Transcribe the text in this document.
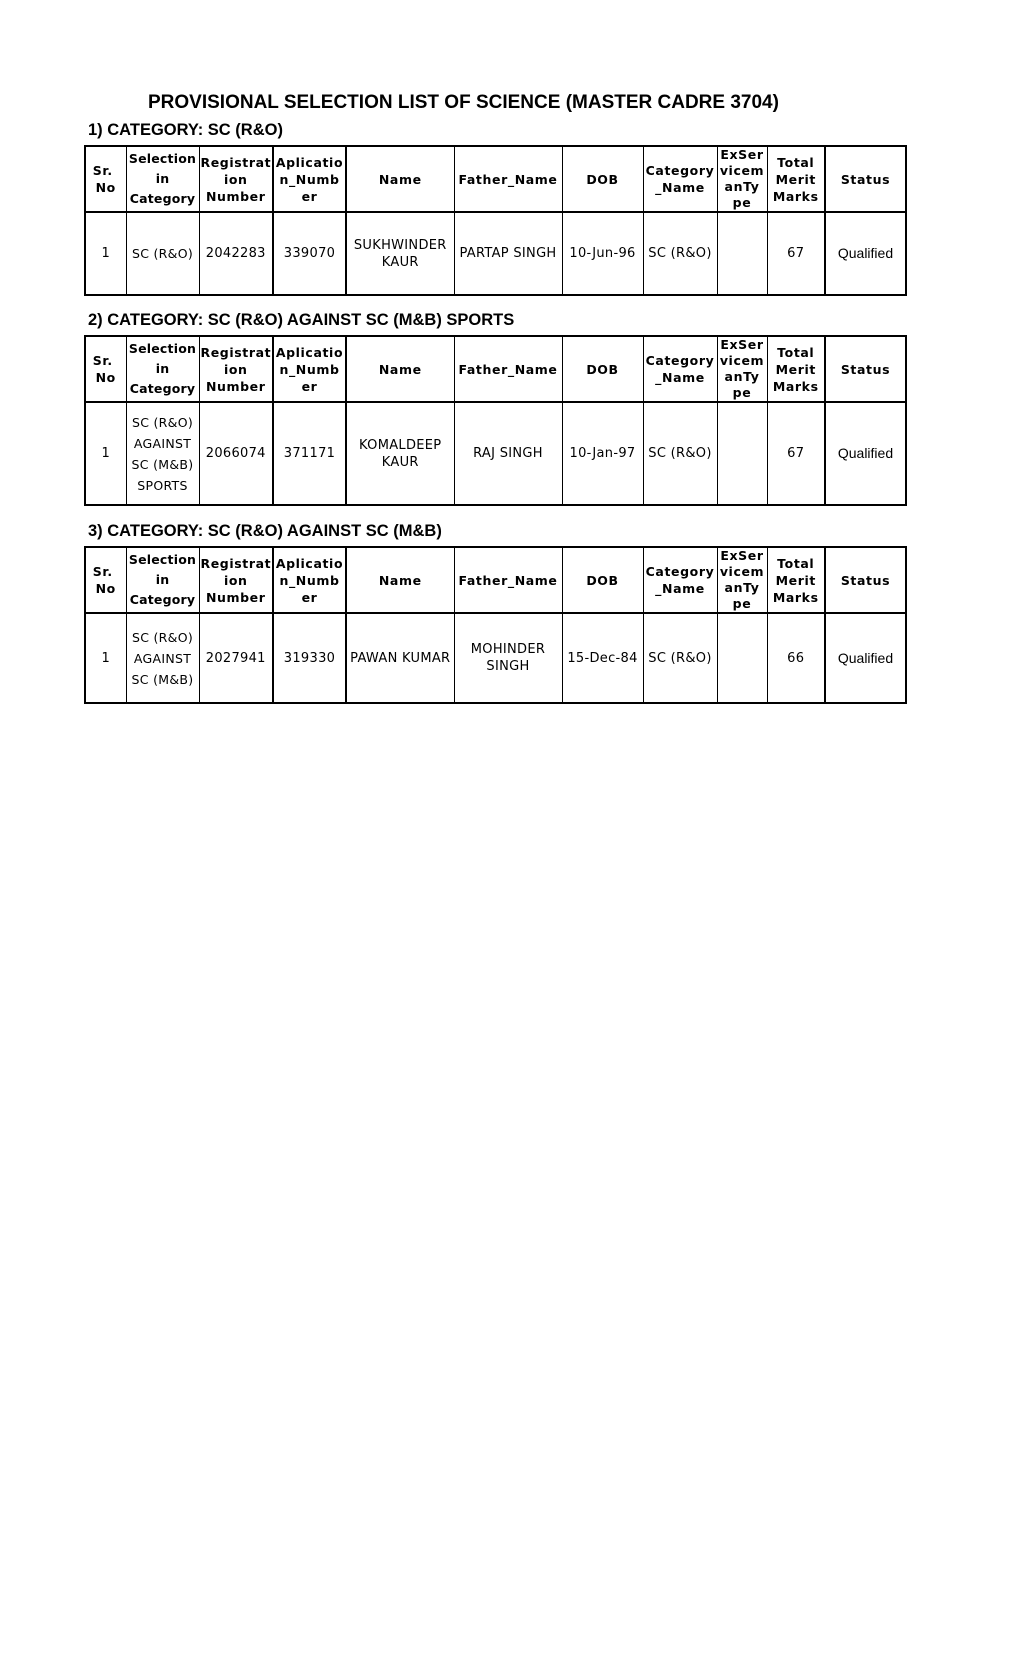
PROVISIONAL SELECTION LIST OF SCIENCE (MASTER CADRE 3704)
1) CATEGORY: SC (R&O)
Sr. No	Selection in Category	Registrat ion Number	Aplicatio n_Numb er	Name	Father_Name	DOB	Category _Name	ExSer vicem anTy pe	Total Merit Marks	Status
1	SC (R&O)	2042283	339070	SUKHWINDER KAUR	PARTAP SINGH	10-Jun-96	SC (R&O)		67	Qualified
2) CATEGORY: SC (R&O) AGAINST SC (M&B) SPORTS
Sr. No	Selection in Category	Registrat ion Number	Aplicatio n_Numb er	Name	Father_Name	DOB	Category _Name	ExSer vicem anTy pe	Total Merit Marks	Status
1	SC (R&O) AGAINST SC (M&B) SPORTS	2066074	371171	KOMALDEEP KAUR	RAJ SINGH	10-Jan-97	SC (R&O)		67	Qualified
3) CATEGORY: SC (R&O) AGAINST SC (M&B)
Sr. No	Selection in Category	Registrat ion Number	Aplicatio n_Numb er	Name	Father_Name	DOB	Category _Name	ExSer vicem anTy pe	Total Merit Marks	Status
1	SC (R&O) AGAINST SC (M&B)	2027941	319330	PAWAN KUMAR	MOHINDER SINGH	15-Dec-84	SC (R&O)		66	Qualified
